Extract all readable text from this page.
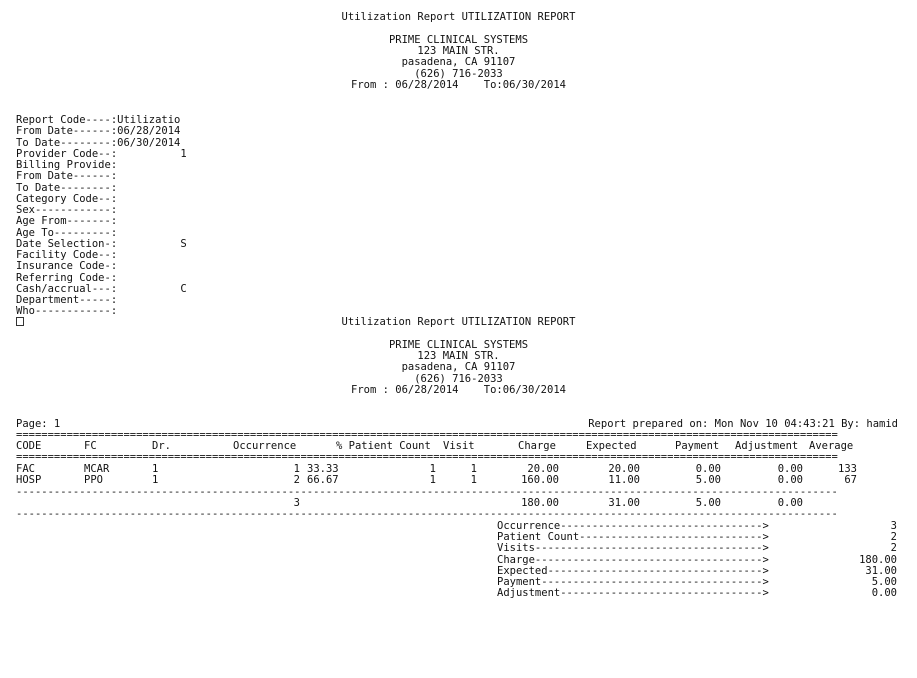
Utilization Report UTILIZATION REPORT
PRIME CLINICAL SYSTEMS
123 MAIN STR.
pasadena, CA 91107
(626) 716-2033
From : 06/28/2014    To:06/30/2014
Report Code----:Utilizatio
From Date------:06/28/2014
To Date--------:06/30/2014
Provider Code--:          1
Billing Provide:
From Date------:
To Date--------:
Category Code--:
Sex------------:
Age From-------:
Age To---------:
Date Selection-:          S
Facility Code--:
Insurance Code-:
Referring Code-:
Cash/accrual---:          C
Department-----:
Who------------:
Utilization Report UTILIZATION REPORT
PRIME CLINICAL SYSTEMS
123 MAIN STR.
pasadena, CA 91107
(626) 716-2033
From : 06/28/2014    To:06/30/2014
Page: 1	Report prepared on: Mon Nov 10 04:43:21 By: hamid
==================================================================================================================================
CODE	FC	Dr.	Occurrence	% Patient Count Visit	Charge	Expected	Payment Adjustment Average
==================================================================================================================================
FAC	MCAR	1	1 33.33	1	1	20.00	20.00	0.00	0.00	133
HOSP	PPO	1	2 66.67	1	1	160.00	11.00	5.00	0.00	67
----------------------------------------------------------------------------------------------------------------------------------
3	180.00	31.00	5.00	0.00
----------------------------------------------------------------------------------------------------------------------------------
Occurrence-------------------------------->	3
Patient Count----------------------------->	2
Visits------------------------------------>	2
Charge------------------------------------>	180.00
Expected---------------------------------->	31.00
Payment----------------------------------->	5.00
Adjustment-------------------------------->	0.00
